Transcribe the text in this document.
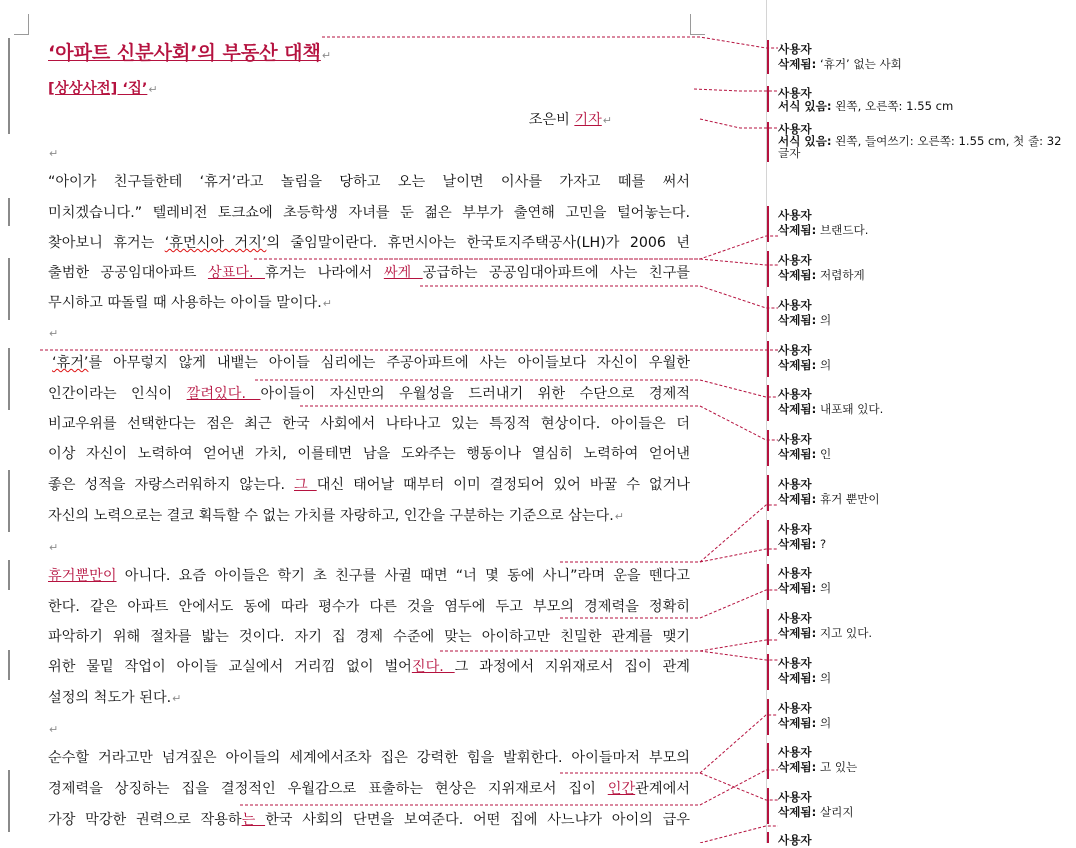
‘아파트 신분사회’의 부동산 대책↵
[상상사전] ‘집’↵
조은비 기자↵
↵
“아이가 친구들한테 ‘휴거’라고 놀림을 당하고 오는 날이면 이사를 가자고 떼를 써서
미치겠습니다.” 텔레비전 토크쇼에 초등학생 자녀를 둔 젊은 부부가 출연해 고민을 털어놓는다.
찾아보니 휴거는 ‘휴먼시아 거지’의 줄임말이란다. 휴먼시아는 한국토지주택공사(LH)가 2006 년
출범한 공공임대아파트 상표다. 휴거는 나라에서 싸게 공급하는 공공임대아파트에 사는 친구를
무시하고 따돌릴 때 사용하는 아이들 말이다.↵
↵
‘휴거’를 아무렇지 않게 내뱉는 아이들 심리에는 주공아파트에 사는 아이들보다 자신이 우월한
인간이라는 인식이 깔려있다. 아이들이 자신만의 우월성을 드러내기 위한 수단으로 경제적
비교우위를 선택한다는 점은 최근 한국 사회에서 나타나고 있는 특징적 현상이다. 아이들은 더
이상 자신이 노력하여 얻어낸 가치, 이를테면 남을 도와주는 행동이나 열심히 노력하여 얻어낸
좋은 성적을 자랑스러워하지 않는다. 그 대신 태어날 때부터 이미 결정되어 있어 바꿀 수 없거나
자신의 노력으로는 결코 획득할 수 없는 가치를 자랑하고, 인간을 구분하는 기준으로 삼는다.↵
↵
휴거뿐만이 아니다. 요즘 아이들은 학기 초 친구를 사귈 때면 “너 몇 동에 사니”라며 운을 뗀다고
한다. 같은 아파트 안에서도 동에 따라 평수가 다른 것을 염두에 두고 부모의 경제력을 정확히
파악하기 위해 절차를 밟는 것이다. 자기 집 경제 수준에 맞는 아이하고만 친밀한 관계를 맺기
위한 물밑 작업이 아이들 교실에서 거리낌 없이 벌어진다. 그 과정에서 지위재로서 집이 관계
설정의 척도가 된다.↵
↵
순수할 거라고만 넘겨짚은 아이들의 세계에서조차 집은 강력한 힘을 발휘한다. 아이들마저 부모의
경제력을 상징하는 집을 결정적인 우월감으로 표출하는 현상은 지위재로서 집이 인간관계에서
가장 막강한 권력으로 작용하는 한국 사회의 단면을 보여준다. 어떤 집에 사느냐가 아이의 급우
사용자
삭제됨: ‘휴거’ 없는 사회
사용자
서식 있음: 왼쪽, 오른쪽: 1.55 cm
사용자
서식 있음: 왼쪽, 들여쓰기: 오른쪽: 1.55 cm, 첫 줄: 32 글자
사용자
삭제됨: 브랜드다.
사용자
삭제됨: 저렴하게
사용자
삭제됨: 의
사용자
삭제됨: 의
사용자
삭제됨: 내포돼 있다.
사용자
삭제됨: 인
사용자
삭제됨: 휴거 뿐만이
사용자
삭제됨: ?
사용자
삭제됨: 의
사용자
삭제됨: 지고 있다.
사용자
삭제됨: 의
사용자
삭제됨: 의
사용자
삭제됨: 고 있는
사용자
삭제됨: 살리지
사용자
